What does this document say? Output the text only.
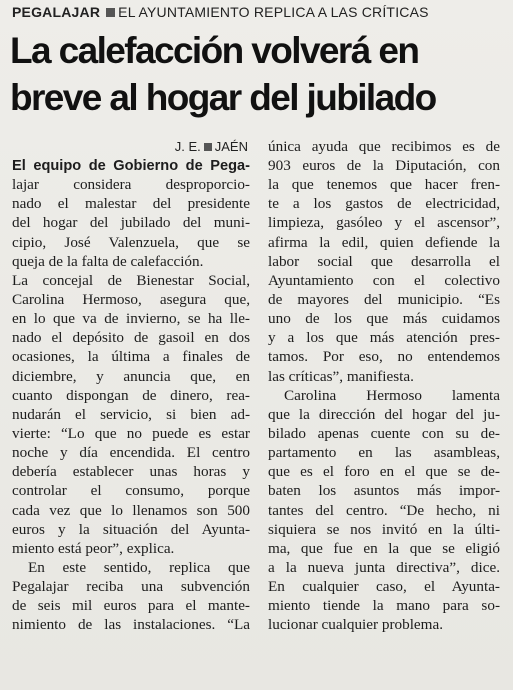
PEGALAJAR EL AYUNTAMIENTO REPLICA A LAS CRÍTICAS
La calefacción volverá en
breve al hogar del jubilado
J. E. JAÉN
El equipo de Gobierno de Pega-
lajar considera desproporcio-
nado el malestar del presidente
del hogar del jubilado del muni-
cipio, José Valenzuela, que se
queja de la falta de calefacción.
La concejal de Bienestar Social,
Carolina Hermoso, asegura que,
en lo que va de invierno, se ha lle-
nado el depósito de gasoil en dos
ocasiones, la última a finales de
diciembre, y anuncia que, en
cuanto dispongan de dinero, rea-
nudarán el servicio, si bien ad-
vierte: “Lo que no puede es estar
noche y día encendida. El centro
debería establecer unas horas y
controlar el consumo, porque
cada vez que lo llenamos son 500
euros y la situación del Ayunta-
miento está peor”, explica.
En este sentido, replica que
Pegalajar reciba una subvención
de seis mil euros para el mante-
nimiento de las instalaciones. “La
única ayuda que recibimos es de
903 euros de la Diputación, con
la que tenemos que hacer fren-
te a los gastos de electricidad,
limpieza, gasóleo y el ascensor”,
afirma la edil, quien defiende la
labor social que desarrolla el
Ayuntamiento con el colectivo
de mayores del municipio. “Es
uno de los que más cuidamos
y a los que más atención pres-
tamos. Por eso, no entendemos
las críticas”, manifiesta.
Carolina Hermoso lamenta
que la dirección del hogar del ju-
bilado apenas cuente con su de-
partamento en las asambleas,
que es el foro en el que se de-
baten los asuntos más impor-
tantes del centro. “De hecho, ni
siquiera se nos invitó en la últi-
ma, que fue en la que se eligió
a la nueva junta directiva”, dice.
En cualquier caso, el Ayunta-
miento tiende la mano para so-
lucionar cualquier problema.
